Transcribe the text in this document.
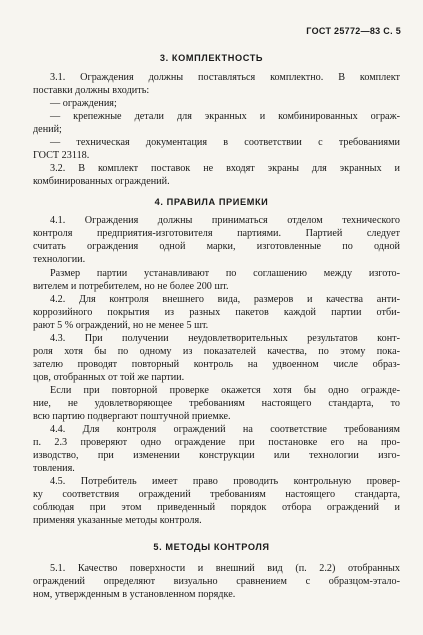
ГОСТ 25772—83 С. 5
3. КОМПЛЕКТНОСТЬ
3.1. Ограждения должны поставляться комплектно. В комплект
поставки должны входить:
— ограждения;
— крепежные детали для экранных и комбинированных ограж-
дений;
— техническая документация в соответствии с требованиями
ГОСТ 23118.
3.2. В комплект поставок не входят экраны для экранных и
комбинированных ограждений.
4. ПРАВИЛА ПРИЕМКИ
4.1. Ограждения должны приниматься отделом технического
контроля предприятия-изготовителя партиями. Партией следует
считать ограждения одной марки, изготовленные по одной
технологии.
Размер партии устанавливают по соглашению между изгото-
вителем и потребителем, но не более 200 шт.
4.2. Для контроля внешнего вида, размеров и качества анти-
коррозийного покрытия из разных пакетов каждой партии отби-
рают 5 % ограждений, но не менее 5 шт.
4.3. При получении неудовлетворительных результатов конт-
роля хотя бы по одному из показателей качества, по этому пока-
зателю проводят повторный контроль на удвоенном числе образ-
цов, отобранных от той же партии.
Если при повторной проверке окажется хотя бы одно огражде-
ние, не удовлетворяющее требованиям настоящего стандарта, то
всю партию подвергают поштучной приемке.
4.4. Для контроля ограждений на соответствие требованиям
п. 2.3 проверяют одно ограждение при постановке его на про-
изводство, при изменении конструкции или технологии изго-
товления.
4.5. Потребитель имеет право проводить контрольную провер-
ку соответствия ограждений требованиям настоящего стандарта,
соблюдая при этом приведенный порядок отбора ограждений и
применяя указанные методы контроля.
5. МЕТОДЫ КОНТРОЛЯ
5.1. Качество поверхности и внешний вид (п. 2.2) отобранных
ограждений определяют визуально сравнением с образцом-этало-
ном, утвержденным в установленном порядке.
